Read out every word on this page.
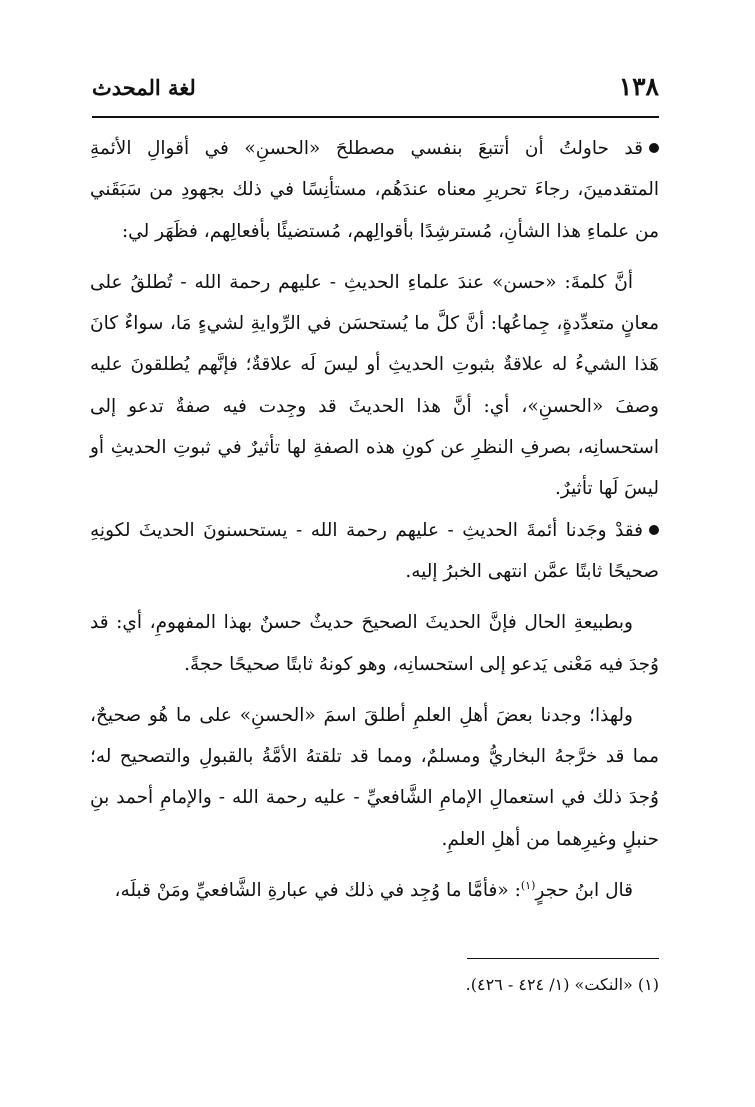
١٣٨
لغة المحدث

قد حاولتُ أن أتتبعَ بنفسي مصطلحَ «الحسنِ» في أقوالِ الأئمةِ المتقدمينَ، رجاءَ تحريرِ معناه عندَهُم، مستأنِسًا في ذلك بجهودِ من سَبَقَني من علماءِ هذا الشأنِ، مُسترشِدًا بأقوالِهم، مُستضيئًا بأفعالِهم، فظَهَر لي:

أنَّ كلمةَ: «حسن» عندَ علماءِ الحديثِ - عليهم رحمة الله - تُطلقُ على معانٍ متعدِّدةٍ، جِماعُها: أنَّ كلَّ ما يُستحسَن في الرِّوايةِ لشيءٍ مَا، سواءٌ كانَ هَذا الشيءُ له علاقةٌ بثبوتِ الحديثِ أو ليسَ لَه علاقةٌ؛ فإنَّهم يُطلقونَ عليه وصفَ «الحسنِ»، أي: أنَّ هذا الحديثَ قد وجِدت فيه صفةٌ تدعو إلى استحسانِه، بصرفِ النظرِ عن كونِ هذه الصفةِ لها تأثيرٌ في ثبوتِ الحديثِ أو ليسَ لَها تأثيرٌ.

فقدْ وجَدنا أئمةَ الحديثِ - عليهم رحمة الله - يستحسنونَ الحديثَ لكونِهِ صحيحًا ثابتًا عمَّن انتهى الخبرُ إليه.

وبطبيعةِ الحال فإنَّ الحديثَ الصحيحَ حديثٌ حسنٌ بهذا المفهومِ، أي: قد وُجدَ فيه مَعْنى يَدعو إلى استحسانِه، وهو كونهُ ثابتًا صحيحًا حجةً.

ولهذا؛ وجدنا بعضَ أهلِ العلمِ أطلقَ اسمَ «الحسنِ» على ما هُو صحيحٌ، مما قد خرَّجهُ البخاريُّ ومسلمٌ، ومما قد تلقتهُ الأمَّةُ بالقبولِ والتصحيح له؛ وُجدَ ذلك في استعمالِ الإمامِ الشَّافعيِّ - عليه رحمة الله - والإمامِ أحمد بنِ حنبلٍ وغيرِهما من أهلِ العلمِ.

قال ابنُ حجرٍ$^{(١)}$: «فأمَّا ما وُجِد في ذلك في عبارةِ الشَّافعيِّ ومَنْ قبلَه،

(١) «النكت» (١/ ٤٢٤ - ٤٢٦).
